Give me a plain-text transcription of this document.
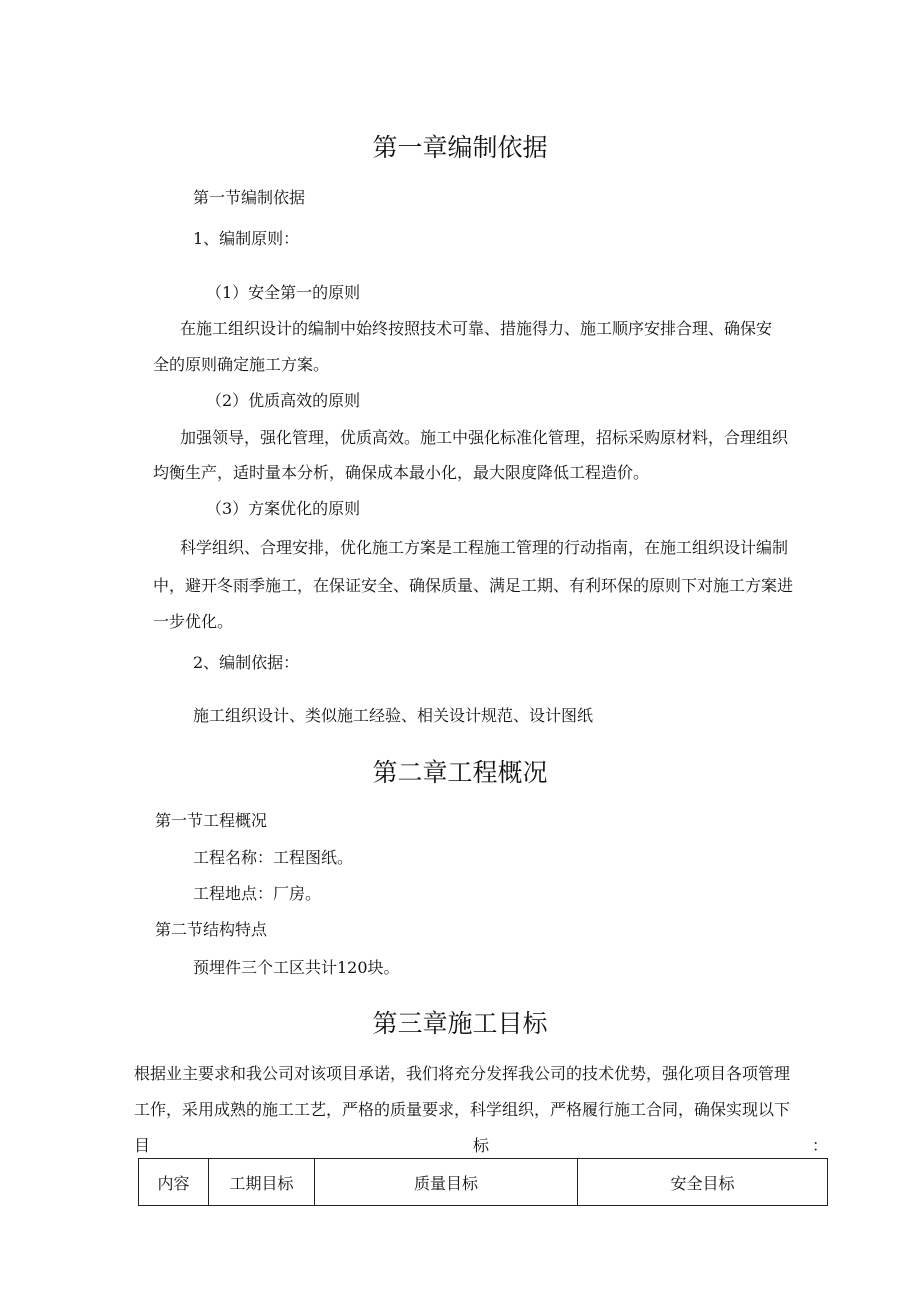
第一章编制依据
第一节编制依据
1、编制原则：
（1）安全第一的原则
在施工组织设计的编制中始终按照技术可靠、措施得力、施工顺序安排合理、确保安
全的原则确定施工方案。
（2）优质高效的原则
加强领导，强化管理，优质高效。施工中强化标准化管理，招标采购原材料，合理组织
均衡生产，适时量本分析，确保成本最小化，最大限度降低工程造价。
（3）方案优化的原则
科学组织、合理安排，优化施工方案是工程施工管理的行动指南，在施工组织设计编制
中，避开冬雨季施工，在保证安全、确保质量、满足工期、有利环保的原则下对施工方案进
一步优化。
2、编制依据：
施工组织设计、类似施工经验、相关设计规范、设计图纸
第二章工程概况
第一节工程概况
工程名称：工程图纸。
工程地点：厂房。
第二节结构特点
预埋件三个工区共计120块。
第三章施工目标
根据业主要求和我公司对该项目承诺，我们将充分发挥我公司的技术优势，强化项目各项管理
工作，采用成熟的施工工艺，严格的质量要求，科学组织，严格履行施工合同，确保实现以下
目	标	：
内容	工期目标	质量目标	安全目标
